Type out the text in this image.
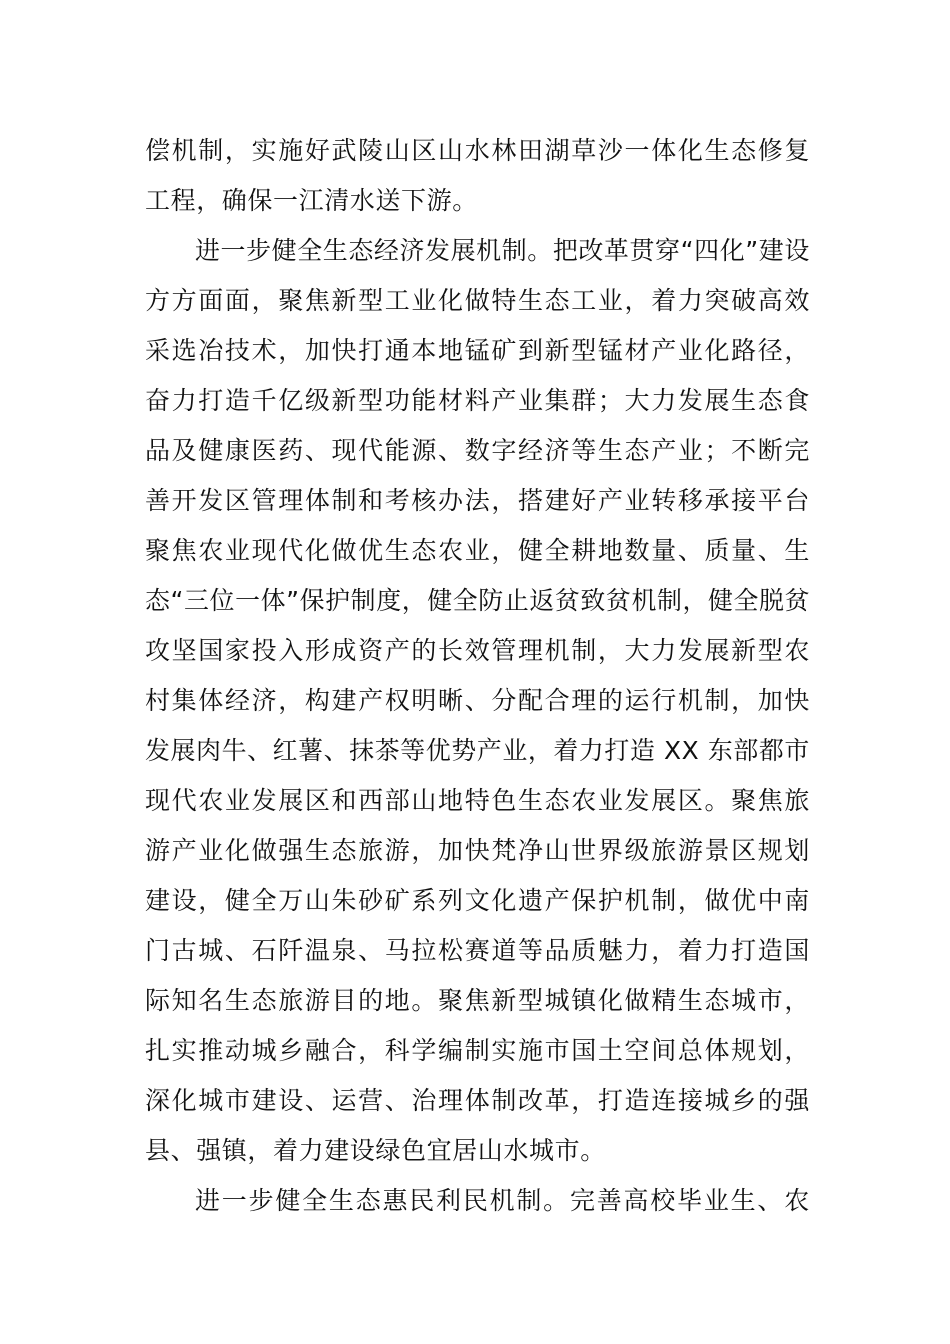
偿机制，实施好武陵山区山水林田湖草沙一体化生态修复
工程，确保一江清水送下游。
进一步健全生态经济发展机制。把改革贯穿“四化”建设
方方面面，聚焦新型工业化做特生态工业，着力突破高效
采选冶技术，加快打通本地锰矿到新型锰材产业化路径，
奋力打造千亿级新型功能材料产业集群；大力发展生态食
品及健康医药、现代能源、数字经济等生态产业；不断完
善开发区管理体制和考核办法，搭建好产业转移承接平台
聚焦农业现代化做优生态农业，健全耕地数量、质量、生
态“三位一体”保护制度，健全防止返贫致贫机制，健全脱贫
攻坚国家投入形成资产的长效管理机制，大力发展新型农
村集体经济，构建产权明晰、分配合理的运行机制，加快
发展肉牛、红薯、抹茶等优势产业，着力打造 XX 东部都市
现代农业发展区和西部山地特色生态农业发展区。聚焦旅
游产业化做强生态旅游，加快梵净山世界级旅游景区规划
建设，健全万山朱砂矿系列文化遗产保护机制，做优中南
门古城、石阡温泉、马拉松赛道等品质魅力，着力打造国
际知名生态旅游目的地。聚焦新型城镇化做精生态城市，
扎实推动城乡融合，科学编制实施市国土空间总体规划，
深化城市建设、运营、治理体制改革，打造连接城乡的强
县、强镇，着力建设绿色宜居山水城市。
进一步健全生态惠民利民机制。完善高校毕业生、农
